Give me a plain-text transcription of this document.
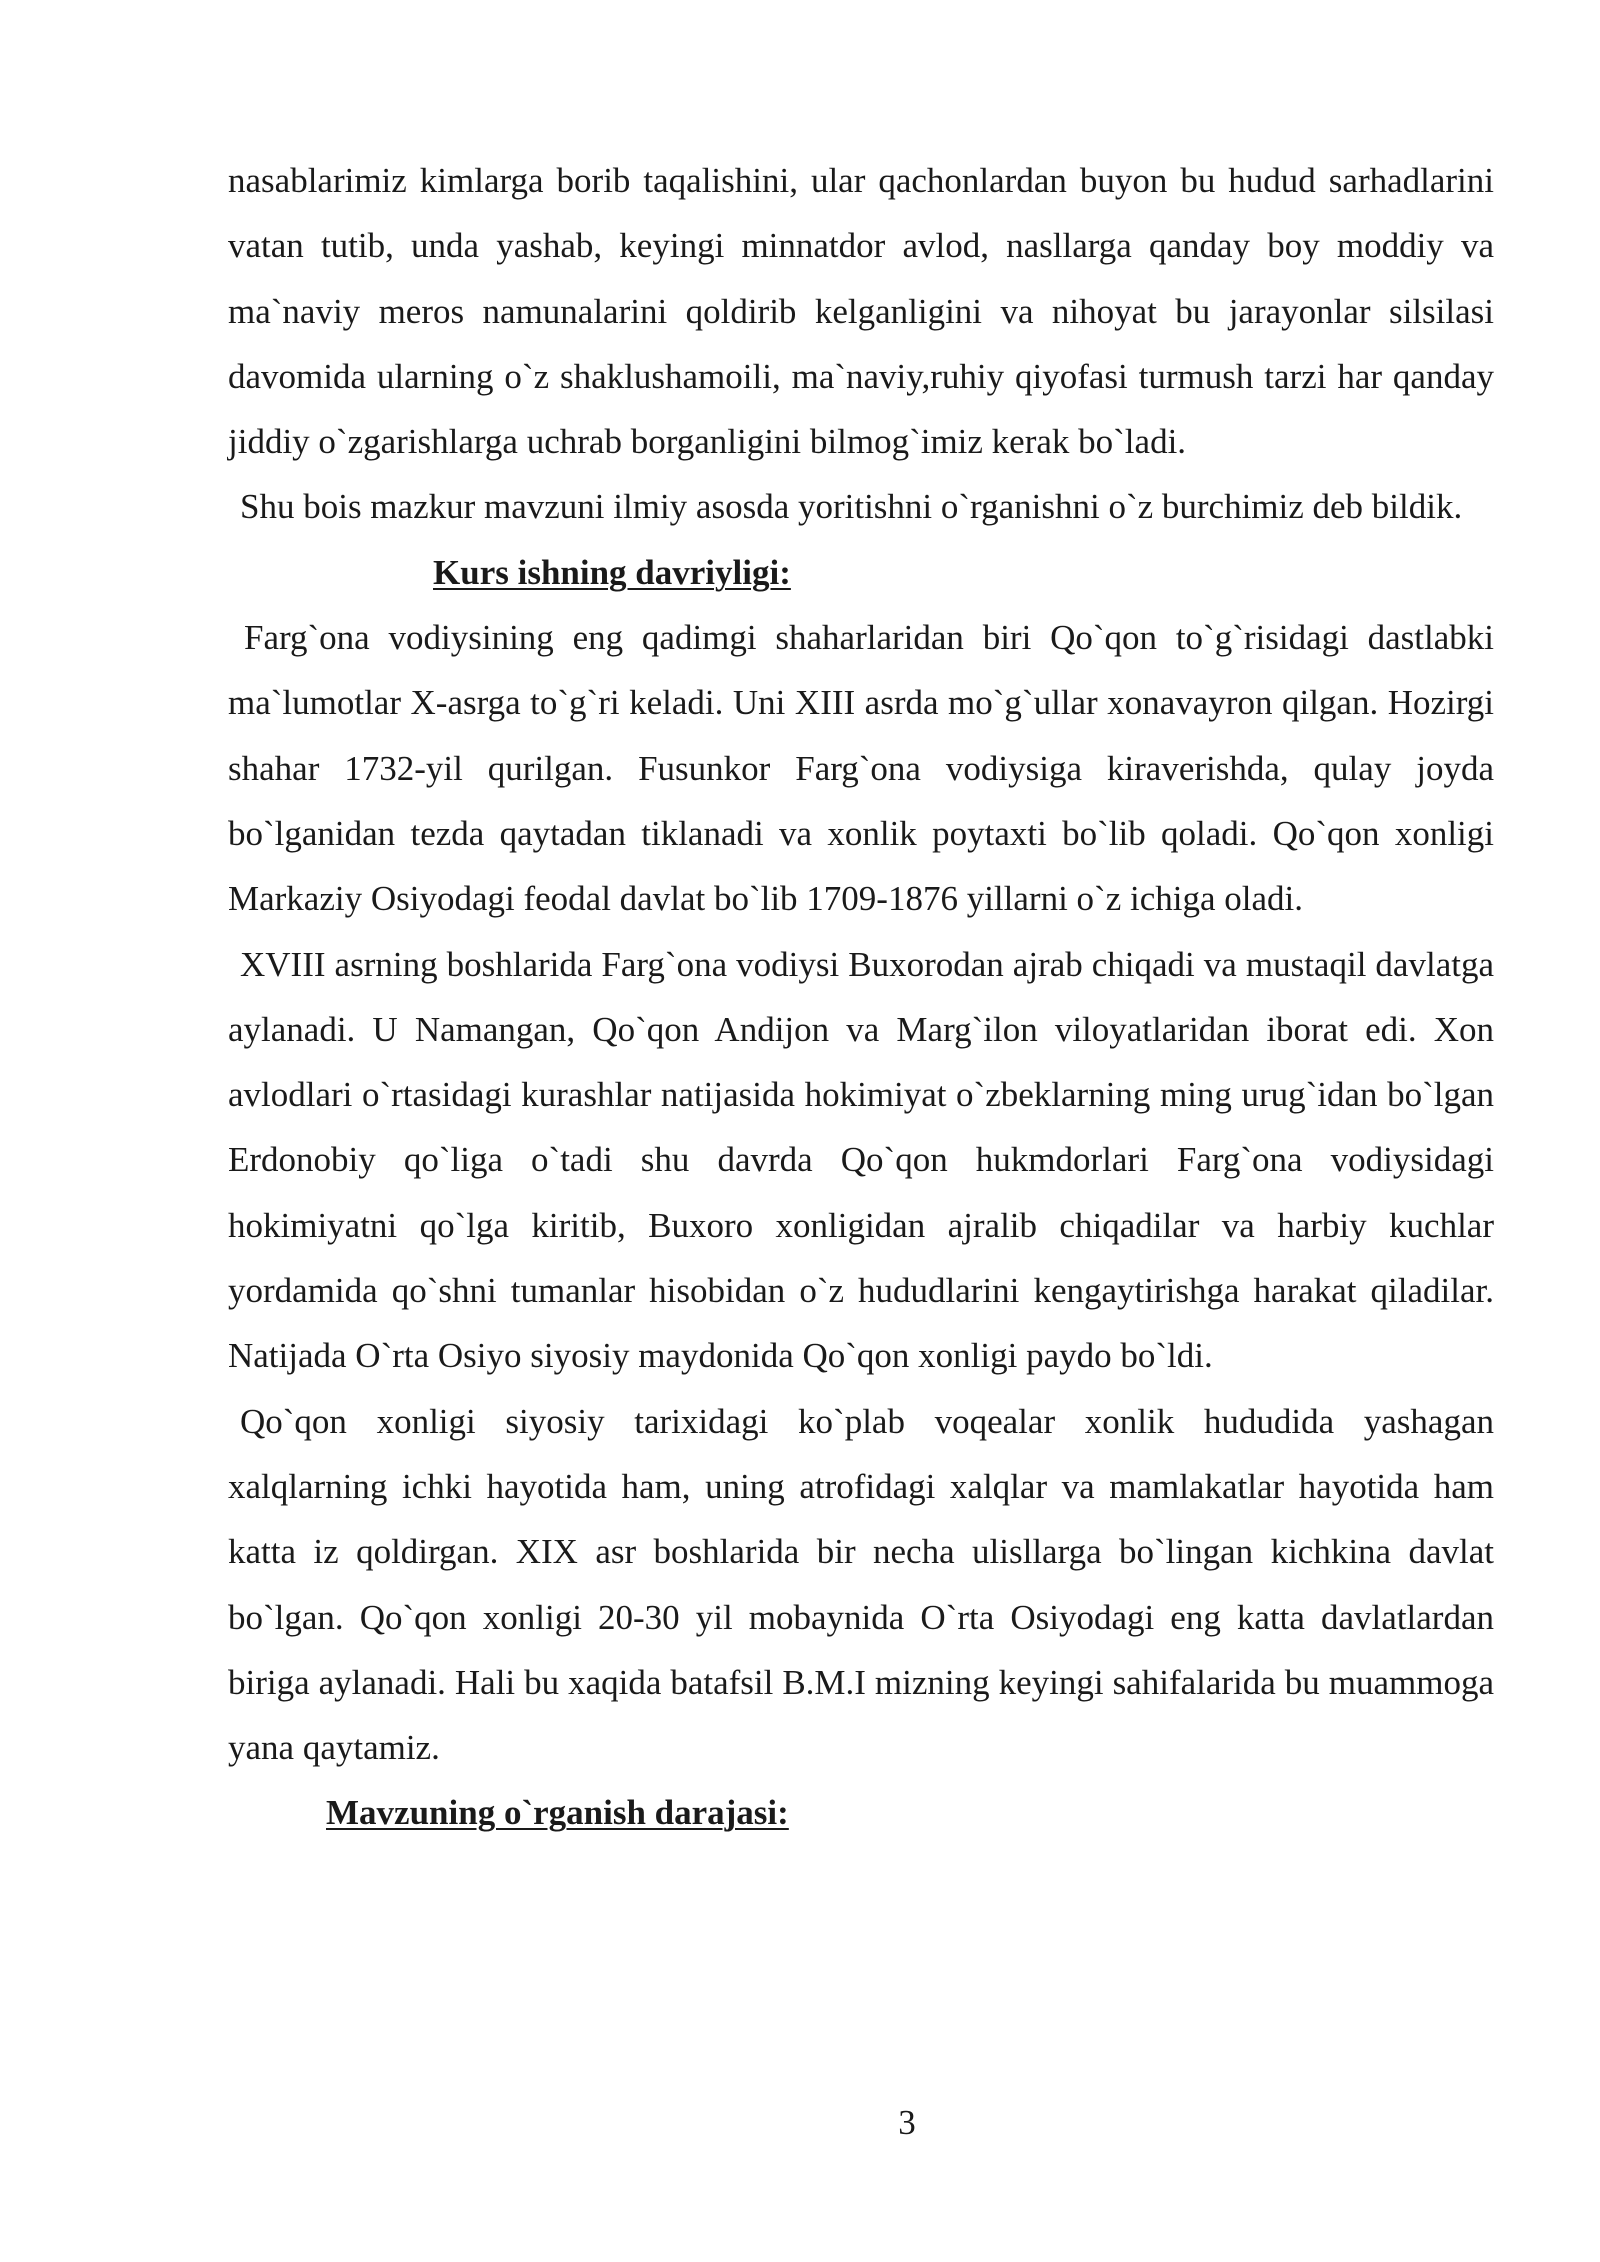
nasablarimiz kimlarga borib taqalishini, ular qachonlardan buyon bu hudud sarhadlarini vatan tutib, unda yashab, keyingi minnatdor avlod, nasllarga qanday boy moddiy va ma`naviy meros namunalarini qoldirib kelganligini va nihoyat bu jarayonlar silsilasi davomida ularning o`z shaklushamoili, ma`naviy,ruhiy qiyofasi turmush tarzi har qanday jiddiy o`zgarishlarga uchrab borganligini bilmog`imiz kerak bo`ladi.

Shu bois mazkur mavzuni ilmiy asosda yoritishni o`rganishni o`z burchimiz deb bildik.

Kurs ishning davriyligi:

Farg`ona vodiysining eng qadimgi shaharlaridan biri Qo`qon to`g`risidagi dastlabki ma`lumotlar X-asrga to`g`ri keladi. Uni XIII asrda mo`g`ullar xonavayron qilgan. Hozirgi shahar 1732-yil qurilgan. Fusunkor Farg`ona vodiysiga kiraverishda, qulay joyda bo`lganidan tezda qaytadan tiklanadi va xonlik poytaxti bo`lib qoladi. Qo`qon xonligi Markaziy Osiyodagi feodal davlat bo`lib 1709-1876 yillarni o`z ichiga oladi.

XVIII asrning boshlarida Farg`ona vodiysi Buxorodan ajrab chiqadi va mustaqil davlatga aylanadi. U Namangan, Qo`qon Andijon va Marg`ilon viloyatlaridan iborat edi. Xon avlodlari o`rtasidagi kurashlar natijasida hokimiyat o`zbeklarning ming urug`idan bo`lgan Erdonobiy qo`liga o`tadi shu davrda Qo`qon hukmdorlari Farg`ona vodiysidagi hokimiyatni qo`lga kiritib, Buxoro xonligidan ajralib chiqadilar va harbiy kuchlar yordamida qo`shni tumanlar hisobidan o`z hududlarini kengaytirishga harakat qiladilar. Natijada O`rta Osiyo siyosiy maydonida Qo`qon xonligi paydo bo`ldi.

Qo`qon xonligi siyosiy tarixidagi ko`plab voqealar xonlik hududida yashagan xalqlarning ichki hayotida ham, uning atrofidagi xalqlar va mamlakatlar hayotida ham katta iz qoldirgan. XIX asr boshlarida bir necha ulisllarga bo`lingan kichkina davlat bo`lgan. Qo`qon xonligi 20-30 yil mobaynida O`rta Osiyodagi eng katta davlatlardan biriga aylanadi. Hali bu xaqida batafsil B.M.I mizning keyingi sahifalarida bu muammoga yana qaytamiz.

Mavzuning o`rganish darajasi:

3
